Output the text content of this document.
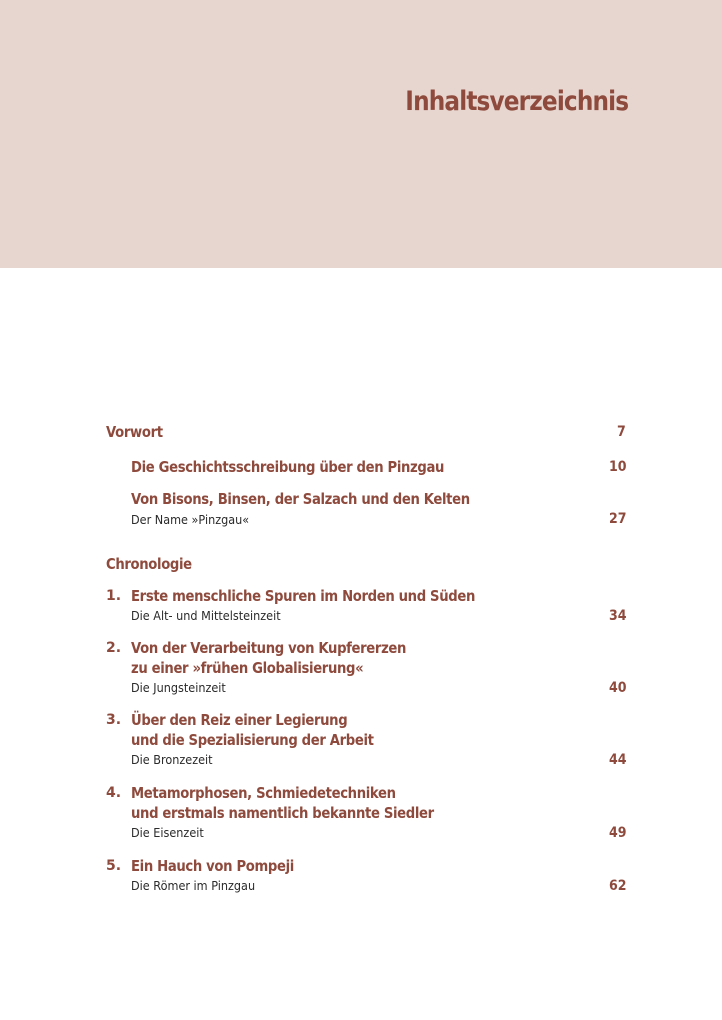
Inhaltsverzeichnis
Vorwort	7
Die Geschichtsschreibung über den Pinzgau	10
Von Bisons, Binsen, der Salzach und den Kelten
Der Name »Pinzgau«	27
Chronologie
1. Erste menschliche Spuren im Norden und Süden
Die Alt- und Mittelsteinzeit	34
2. Von der Verarbeitung von Kupfererzen
zu einer »frühen Globalisierung«
Die Jungsteinzeit	40
3. Über den Reiz einer Legierung
und die Spezialisierung der Arbeit
Die Bronzezeit	44
4. Metamorphosen, Schmiedetechniken
und erstmals namentlich bekannte Siedler
Die Eisenzeit	49
5. Ein Hauch von Pompeji
Die Römer im Pinzgau	62
